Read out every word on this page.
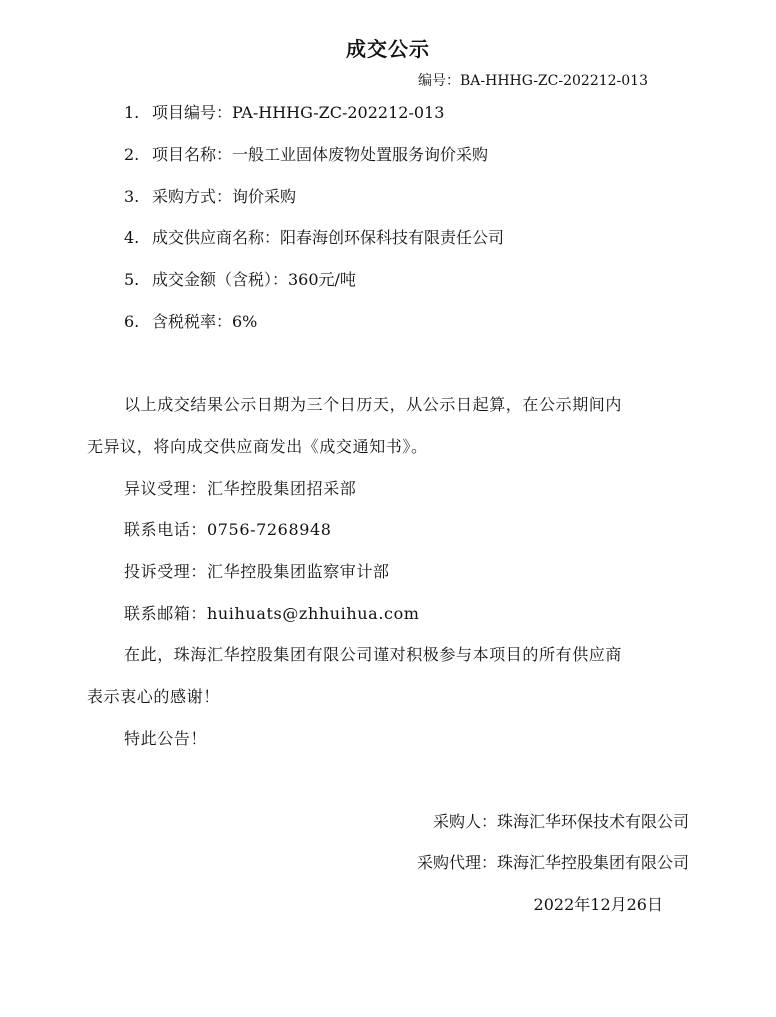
成交公示
编号：BA-HHHG-ZC-202212-013
1. 项目编号：PA-HHHG-ZC-202212-013
2. 项目名称：一般工业固体废物处置服务询价采购
3. 采购方式：询价采购
4. 成交供应商名称：阳春海创环保科技有限责任公司
5. 成交金额（含税）：360元/吨
6. 含税税率：6%
以上成交结果公示日期为三个日历天，从公示日起算，在公示期间内
无异议，将向成交供应商发出《成交通知书》。
异议受理：汇华控股集团招采部
联系电话：0756-7268948
投诉受理：汇华控股集团监察审计部
联系邮箱：huihuats@zhhuihua.com
在此，珠海汇华控股集团有限公司谨对积极参与本项目的所有供应商
表示衷心的感谢！
特此公告！
采购人：珠海汇华环保技术有限公司
采购代理：珠海汇华控股集团有限公司
2022年12月26日
